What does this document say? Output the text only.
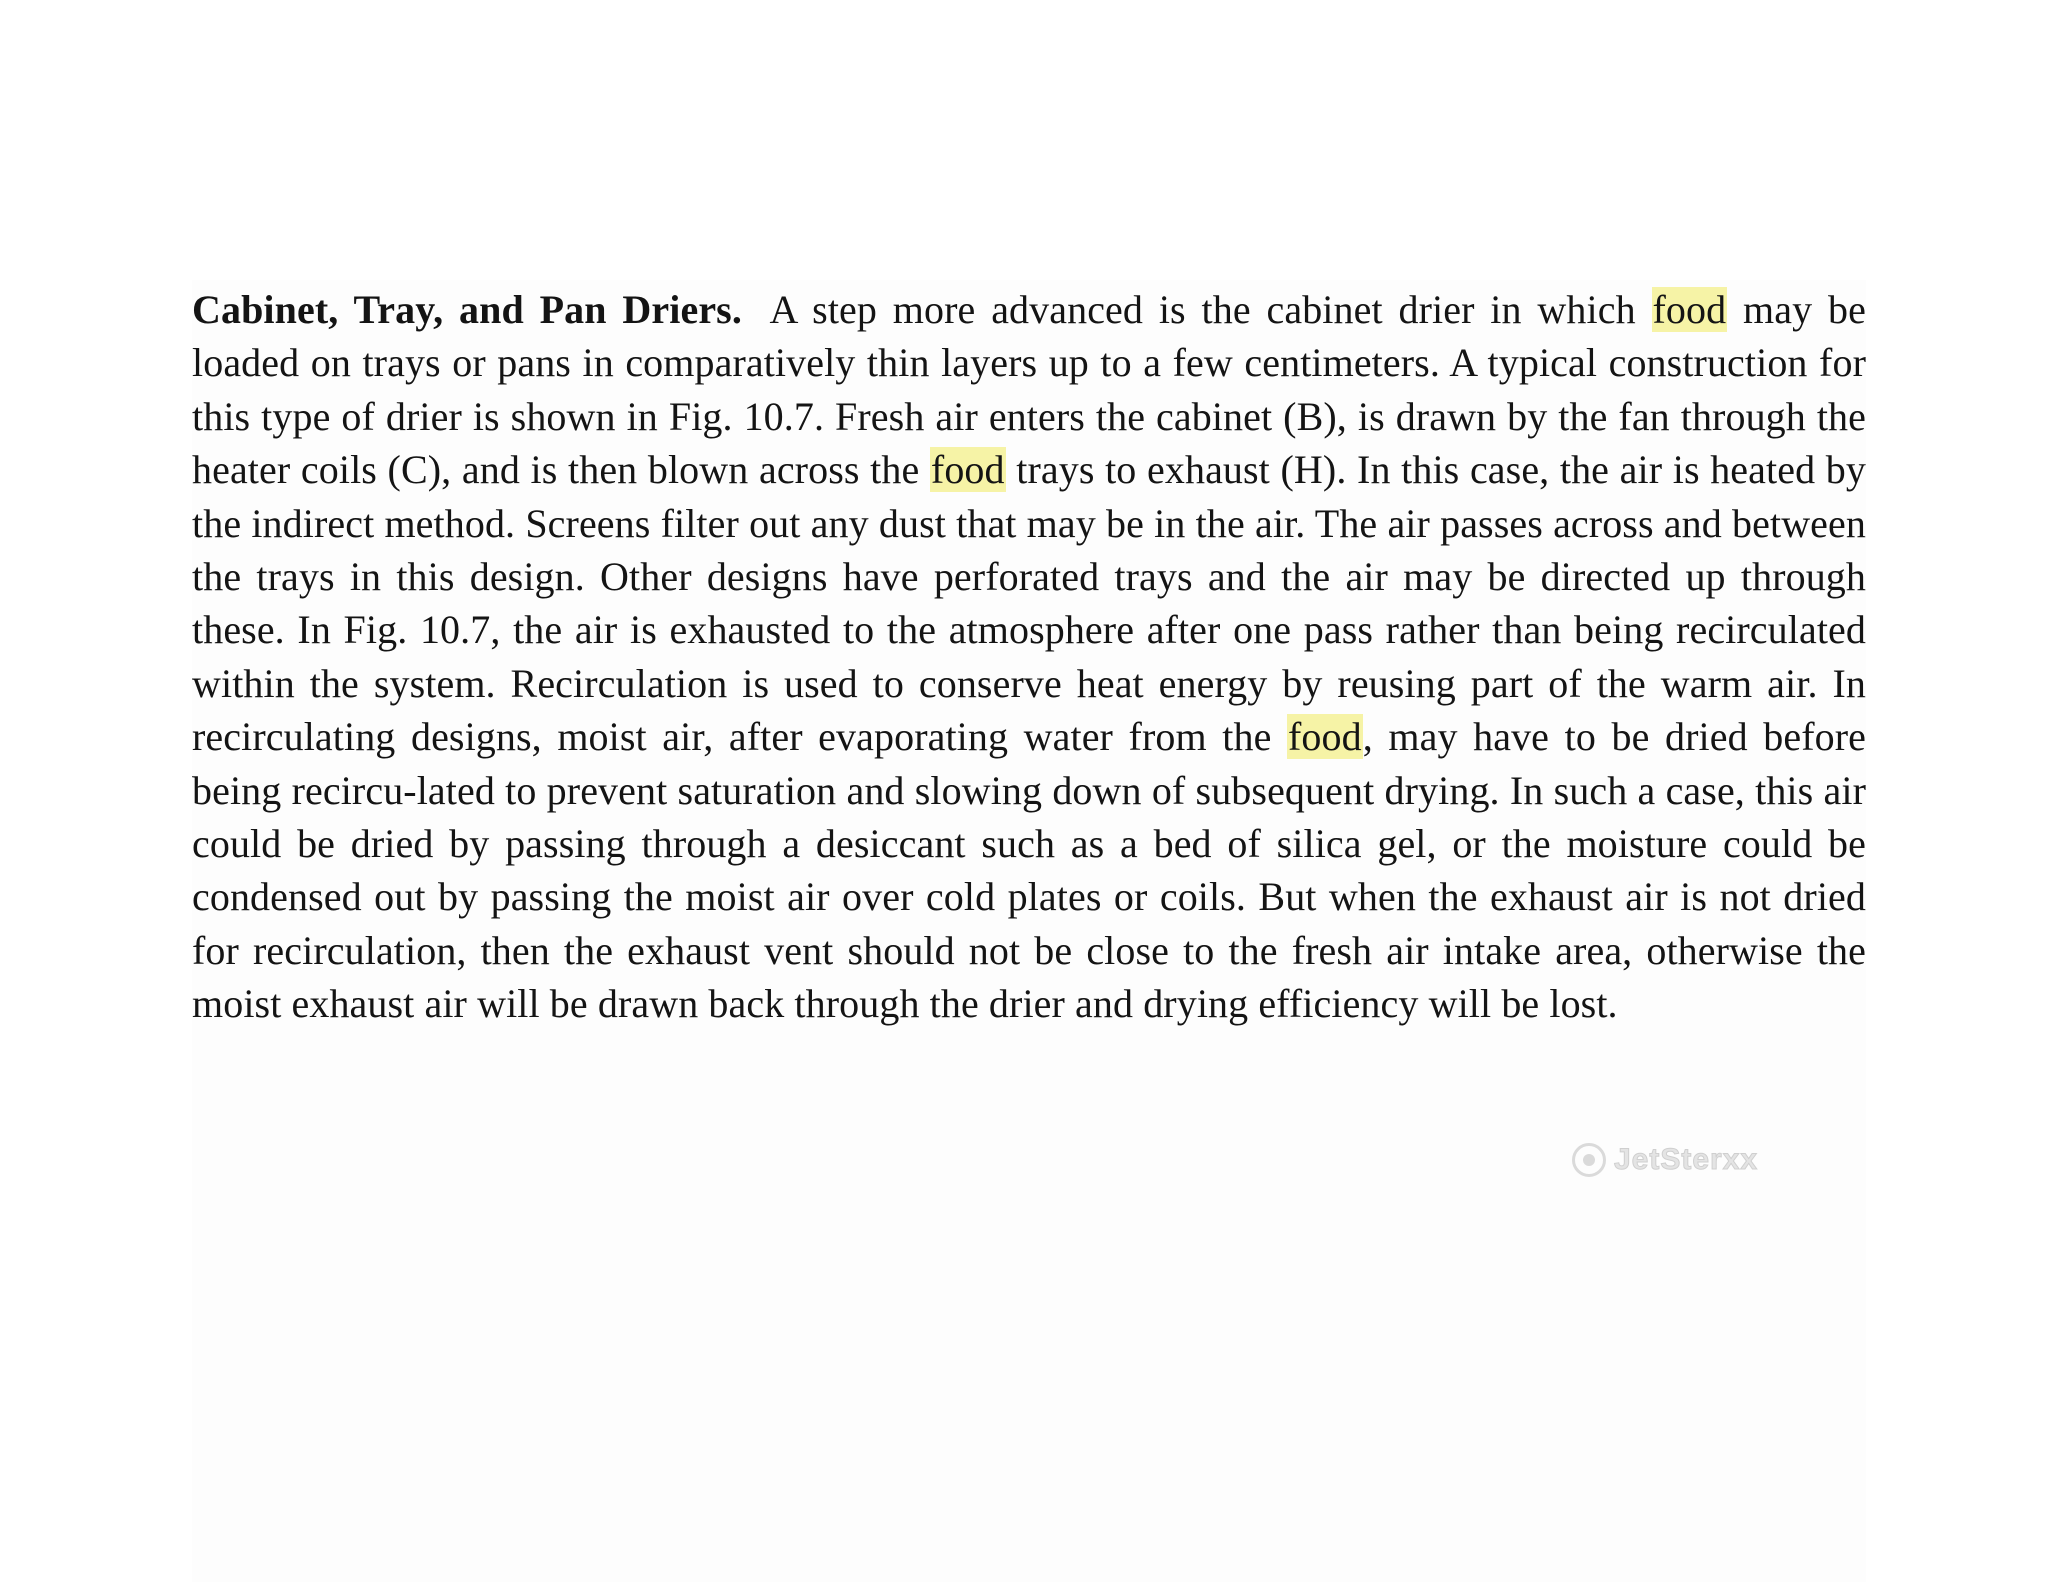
Cabinet, Tray, and Pan Driers. A step more advanced is the cabinet drier in which food may be loaded on trays or pans in comparatively thin layers up to a few centimeters. A typical construction for this type of drier is shown in Fig. 10.7. Fresh air enters the cabinet (B), is drawn by the fan through the heater coils (C), and is then blown across the food trays to exhaust (H). In this case, the air is heated by the indirect method. Screens filter out any dust that may be in the air. The air passes across and between the trays in this design. Other designs have perforated trays and the air may be directed up through these. In Fig. 10.7, the air is exhausted to the atmosphere after one pass rather than being recirculated within the system. Recirculation is used to conserve heat energy by reusing part of the warm air. In recirculating designs, moist air, after evaporating water from the food, may have to be dried before being recircu-lated to prevent saturation and slowing down of subsequent drying. In such a case, this air could be dried by passing through a desiccant such as a bed of silica gel, or the moisture could be condensed out by passing the moist air over cold plates or coils. But when the exhaust air is not dried for recirculation, then the exhaust vent should not be close to the fresh air intake area, otherwise the moist exhaust air will be drawn back through the drier and drying efficiency will be lost.

JetSterxx
